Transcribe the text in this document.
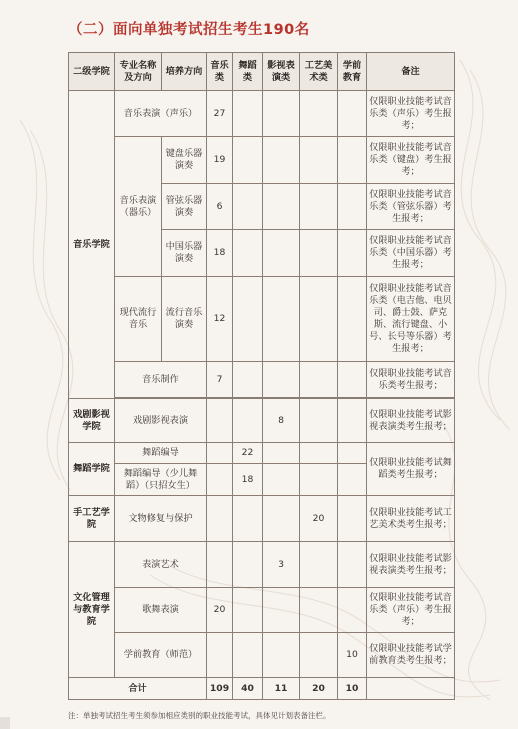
（二）面向单独考试招生考生190名
二级学院	专业名称及方向	培养方向	音乐类	舞蹈类	影视表演类	工艺美术类	学前教育	备注
音乐学院	音乐表演（声乐）		27					仅限职业技能考试音乐类（声乐）考生报考；
	音乐表演（器乐）	键盘乐器演奏	19					仅限职业技能考试音乐类（键盘）考生报考；
		管弦乐器演奏	6					仅限职业技能考试音乐类（管弦乐器）考生报考；
		中国乐器演奏	18					仅限职业技能考试音乐类（中国乐器）考生报考；
	现代流行音乐	流行音乐演奏	12					仅限职业技能考试音乐类（电吉他、电贝司、爵士鼓、萨克斯、流行键盘、小号、长号等乐器）考生报考；
	音乐制作		7					仅限职业技能考试音乐类考生报考；

戏剧影视学院	戏剧影视表演				8			仅限职业技能考试影视表演类考生报考；
舞蹈学院	舞蹈编导			22				仅限职业技能考试舞蹈类考生报考；
	舞蹈编导（少儿舞蹈）（只招女生）			18				
手工艺学院	文物修复与保护					20		仅限职业技能考试工艺美术类考生报考；
文化管理与教育学院	表演艺术				3			仅限职业技能考试影视表演类考生报考；
	歌舞表演		20					仅限职业技能考试音乐类（声乐）考生报考；
	学前教育（师范）						10	仅限职业技能考试学前教育类考生报考；
合计			109	40	11	20	10	
注：单独考试招生考生须参加相应类别的职业技能考试，具体见计划表备注栏。
